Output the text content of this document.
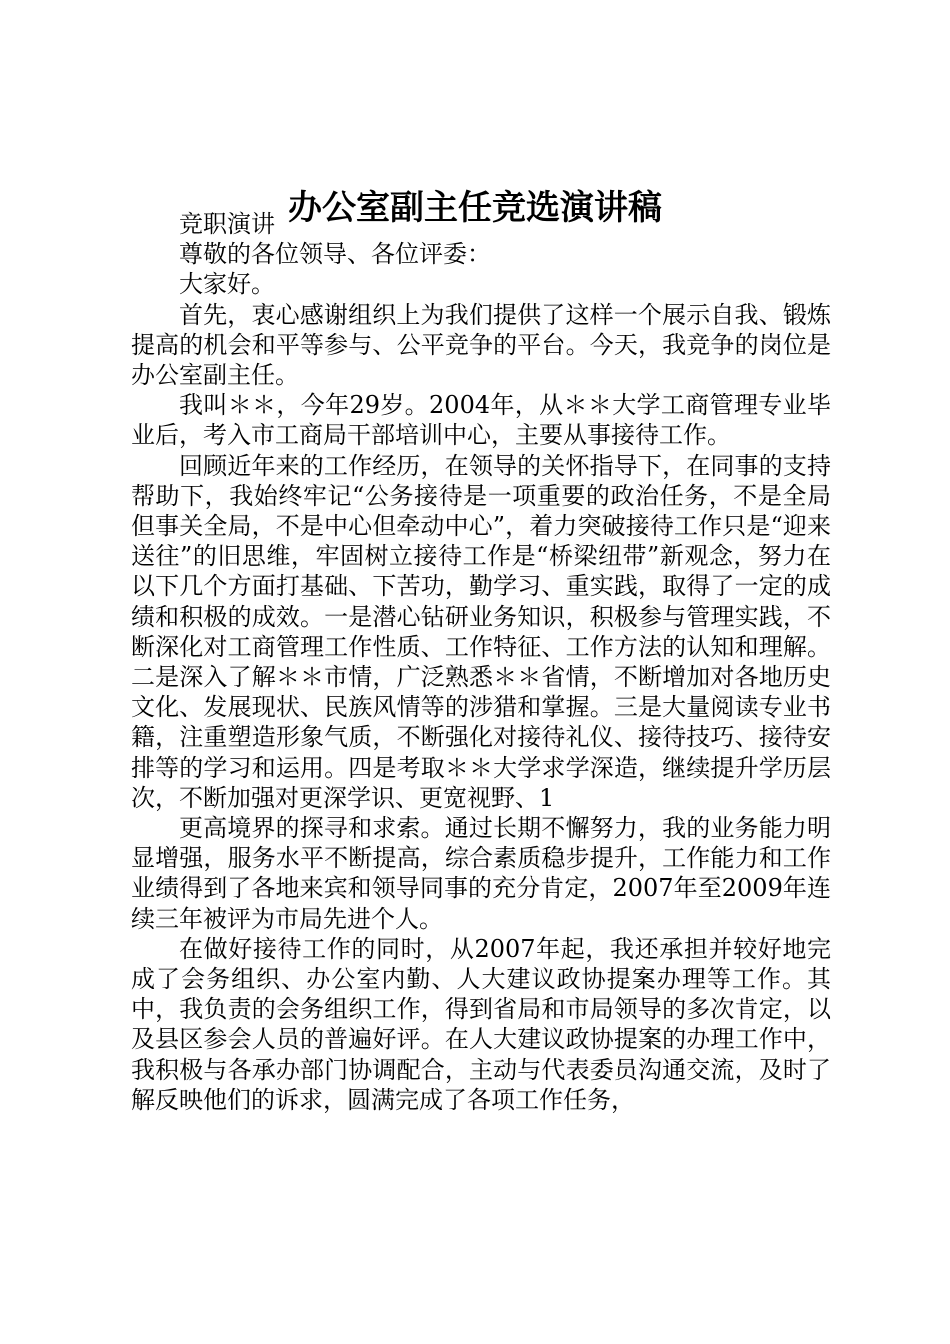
办公室副主任竞选演讲稿

竞职演讲

尊敬的各位领导、各位评委：

大家好。

首先，衷心感谢组织上为我们提供了这样一个展示自我、锻炼提高的机会和平等参与、公平竞争的平台。今天，我竞争的岗位是办公室副主任。

我叫＊＊，今年29岁。2004年，从＊＊大学工商管理专业毕业后，考入市工商局干部培训中心，主要从事接待工作。

回顾近年来的工作经历，在领导的关怀指导下，在同事的支持帮助下，我始终牢记“公务接待是一项重要的政治任务，不是全局但事关全局，不是中心但牵动中心”，着力突破接待工作只是“迎来送往”的旧思维，牢固树立接待工作是“桥梁纽带”新观念，努力在以下几个方面打基础、下苦功，勤学习、重实践，取得了一定的成绩和积极的成效。一是潜心钻研业务知识，积极参与管理实践，不断深化对工商管理工作性质、工作特征、工作方法的认知和理解。二是深入了解＊＊市情，广泛熟悉＊＊省情，不断增加对各地历史文化、发展现状、民族风情等的涉猎和掌握。三是大量阅读专业书籍，注重塑造形象气质，不断强化对接待礼仪、接待技巧、接待安排等的学习和运用。四是考取＊＊大学求学深造，继续提升学历层次，不断加强对更深学识、更宽视野、1

更高境界的探寻和求索。通过长期不懈努力，我的业务能力明显增强，服务水平不断提高，综合素质稳步提升，工作能力和工作业绩得到了各地来宾和领导同事的充分肯定，2007年至2009年连续三年被评为市局先进个人。

在做好接待工作的同时，从2007年起，我还承担并较好地完成了会务组织、办公室内勤、人大建议政协提案办理等工作。其中，我负责的会务组织工作，得到省局和市局领导的多次肯定，以及县区参会人员的普遍好评。在人大建议政协提案的办理工作中，我积极与各承办部门协调配合，主动与代表委员沟通交流，及时了解反映他们的诉求，圆满完成了各项工作任务，
